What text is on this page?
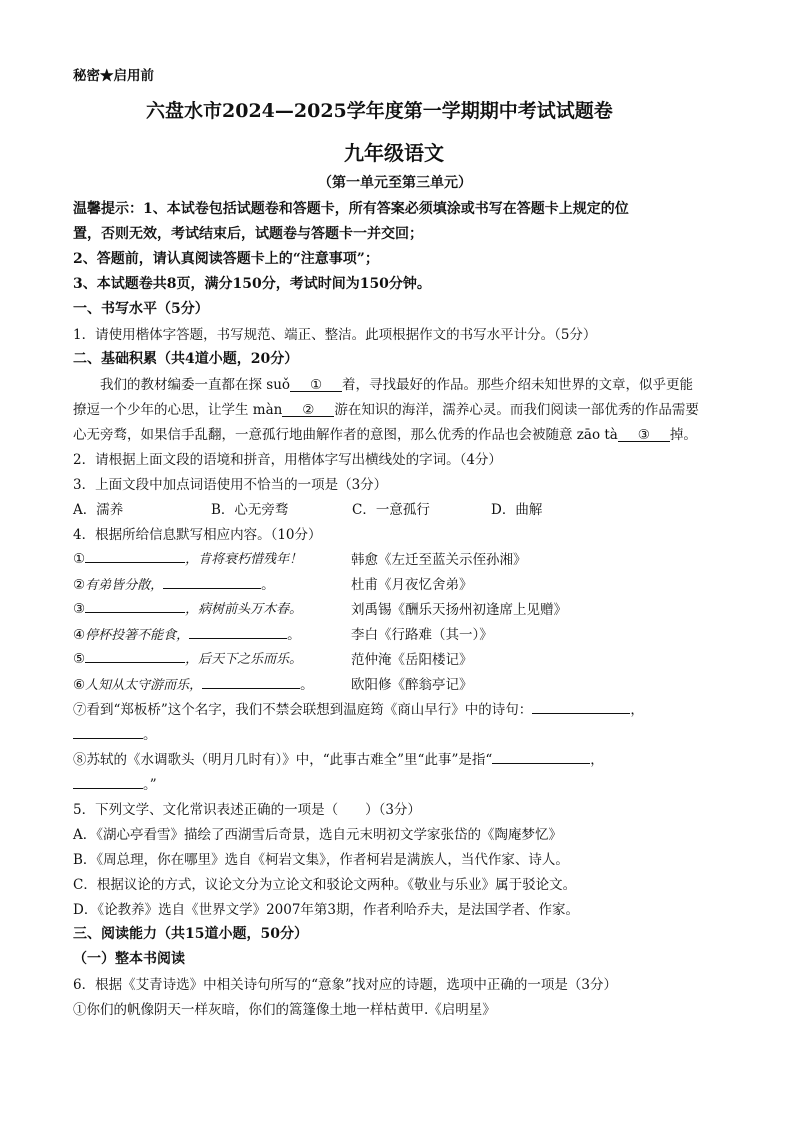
秘密★启用前
六盘水市2024—2025学年度第一学期期中考试试题卷
九年级语文
（第一单元至第三单元）
温馨提示：1、本试卷包括试题卷和答题卡，所有答案必须填涂或书写在答题卡上规定的位
置，否则无效，考试结束后，试题卷与答题卡一并交回；
2、答题前，请认真阅读答题卡上的“注意事项”；
3、本试题卷共8页，满分150分，考试时间为150分钟。
一、书写水平（5分）
1．请使用楷体字答题，书写规范、端正、整洁。此项根据作文的书写水平计分。（5分）
二、基础积累（共4道小题，20分）
我们的教材编委一直都在探 suǒ ① 着，寻找最好的作品。那些介绍未知世界的文章，似乎更能
撩逗一个少年的心思，让学生 màn ② 游在知识的海洋，濡养心灵。而我们阅读一部优秀的作品需要
心无旁骛，如果信手乱翻，一意孤行地曲解作者的意图，那么优秀的作品也会被随意 zāo tà ③ 掉。
2．请根据上面文段的语境和拼音，用楷体字写出横线处的字词。（4分）
3．上面文段中加点词语使用不恰当的一项是（3分）
A．濡养	B．心无旁骛	C．一意孤行	D．曲解
4．根据所给信息默写相应内容。（10分）
①	，肯将衰朽惜残年！	韩愈《左迁至蓝关示侄孙湘》
②有弟皆分散，	。	杜甫《月夜忆舍弟》
③	，病树前头万木春。	刘禹锡《酬乐天扬州初逢席上见赠》
④停杯投箸不能食，	。	李白《行路难（其一）》
⑤	，后天下之乐而乐。	范仲淹《岳阳楼记》
⑥人知从太守游而乐，	。	欧阳修《醉翁亭记》
⑦看到“郑板桥”这个名字，我们不禁会联想到温庭筠《商山早行》中的诗句：	，
。
⑧苏轼的《水调歌头（明月几时有）》中，“此事古难全”里“此事”是指“	，
。”
5．下列文学、文化常识表述正确的一项是（　　）（3分）
A．《湖心亭看雪》描绘了西湖雪后奇景，选自元末明初文学家张岱的《陶庵梦忆》
B．《周总理，你在哪里》选自《柯岩文集》，作者柯岩是满族人，当代作家、诗人。
C．根据议论的方式，议论文分为立论文和驳论文两种。《敬业与乐业》属于驳论文。
D．《论教养》选自《世界文学》2007年第3期，作者利哈乔夫，是法国学者、作家。
三、阅读能力（共15道小题，50分）
（一）整本书阅读
6．根据《艾青诗选》中相关诗句所写的“意象”找对应的诗题，选项中正确的一项是（3分）
①你们的帆像阴天一样灰暗，你们的篙篷像土地一样枯黄甲.《启明星》
